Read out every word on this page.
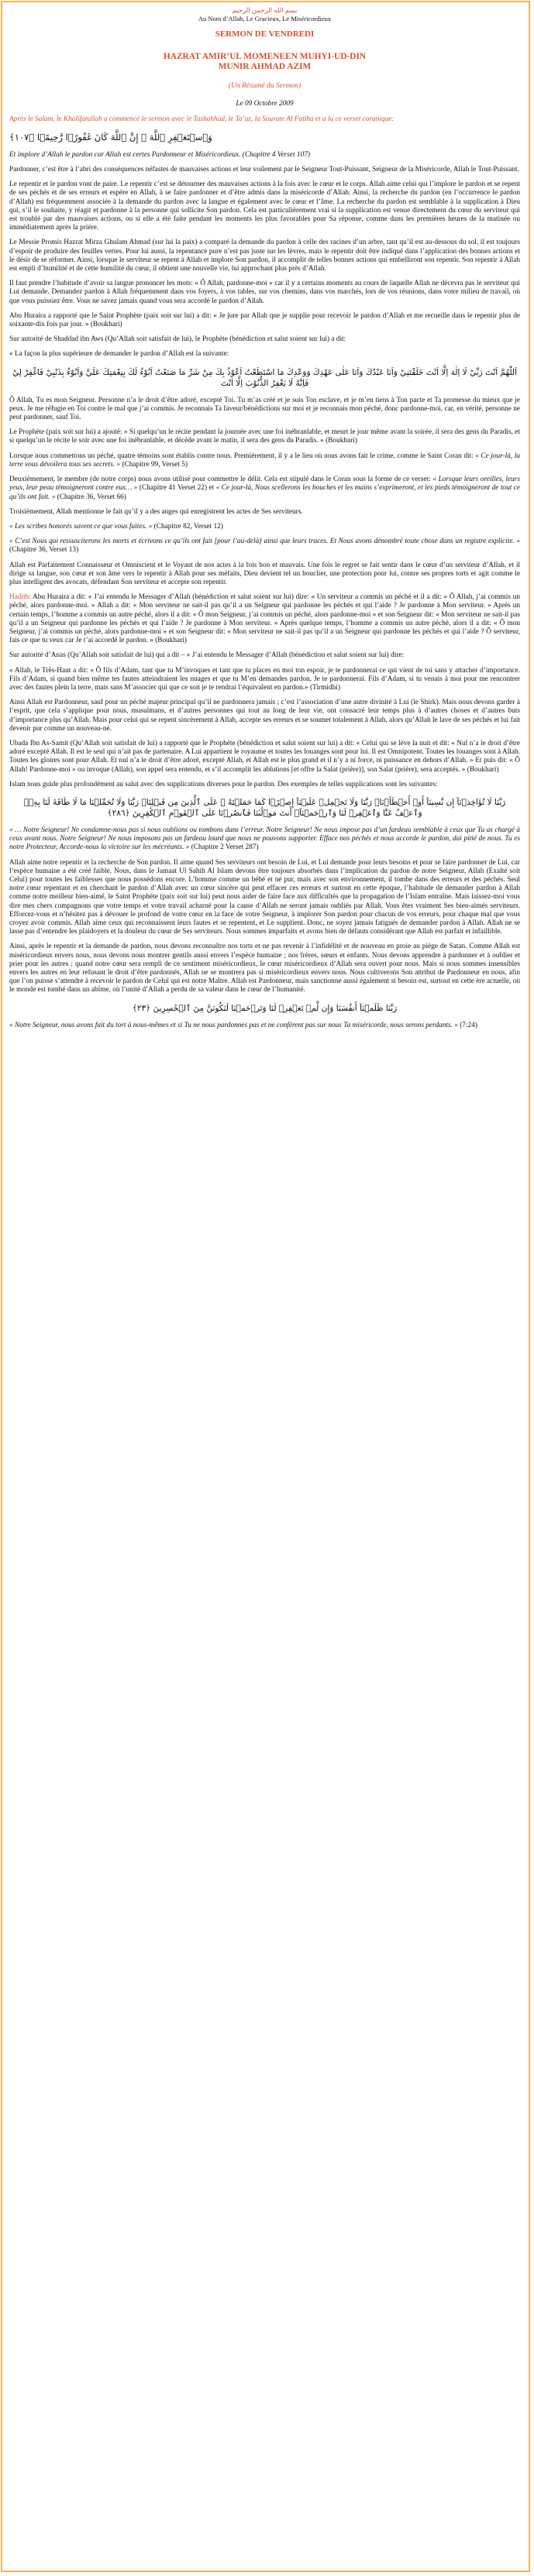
بسم الله الرحمن الرحيم
Au Nom d’Allah, Le Gracieux, Le Miséricordieux
SERMON DE VENDREDI
HAZRAT AMIR’UL MOMENEEN MUHYI-UD-DIN
MUNIR AHMAD AZIM
(Un Résumé du Sermon)
Le 09 Octobre 2009
Après le Salam, le Khalifatullah a commencé le sermon avec le Tashahhud, le Ta’uz, la Sourate Al Fatiha et a lu ce verset coranique:
وَٱسۡتَغۡفِرِ ٱللَّهَ ۖ إِنَّ ٱللَّهَ كَانَ غَفُورً۬ا رَّحِيمً۬ا ﴿١٠٧﴾

Et implore d’Allah le pardon car Allah est certes Pardonneur et Miséricordieux. (Chapitre 4 Verset 107)

Pardonner, c’est être à l’abri des conséquences néfastes de mauvaises actions et leur voilement par le Seigneur Tout-Puissant, Seigneur de la Miséricorde, Allah le Tout-Puissant.

Le repentir et le pardon vont de paire. Le repentir c’est se détourner des mauvaises actions à la fois avec le cœur et le corps. Allah aime celui qui l’implore le pardon et se repent de ses péchés et de ses erreurs et espère en Allah, à se faire pardonner et d’être admis dans la miséricorde d’Allah. Ainsi, la recherche du pardon (en l’occurrence le pardon d’Allah) est fréquemment associée à la demande du pardon avec la langue et également avec le cœur et l’âme. La recherche du pardon est semblable à la supplication à Dieu qui, s’il le souhaite, y réagit et pardonne à la personne qui sollicite Son pardon. Cela est particulièrement vrai si la supplication est venue directement du cœur du serviteur qui est troublé par des mauvaises actions, ou si elle a été faite pendant les moments les plus favorables pour Sa réponse, comme dans les premières heures de la matinée ou immédiatement après la prière.

Le Messie Promis Hazrat Mirza Ghulam Ahmad (sur lui la paix) a comparé la demande du pardon à celle des racines d’un arbre, tant qu’il est au-dessous du sol, il est toujours d’espoir de produire des feuilles vertes. Pour lui aussi, la repentance pure n’est pas juste sur les lèvres, mais le repentir doit être indiqué dans l’application des bonnes actions et le désir de se réformer. Ainsi, lorsque le serviteur se repent à Allah et implore Son pardon, il accomplit de telles bonnes actions qui embelliront son repentir. Son repentir à Allah est empli d’humilité et de cette humilité du cœur, il obtient une nouvelle vie, lui approchant plus près d’Allah.

Il faut prendre l’habitude d’avoir sa langue prononcer les mots: « Ô Allah, pardonne-moi » car il y a certains moments au cours de laquelle Allah ne décevra pas le serviteur qui Lui demande. Demandez pardon à Allah fréquemment dans vos foyers, à vos tables, sur vos chemins, dans vos marchés, lors de vos réunions, dans votre milieu de travail, où que vous puissiez être. Vous ne savez jamais quand vous sera accordé le pardon d’Allah.

Abu Huraira a rapporté que le Saint Prophète (paix soit sur lui) a dit: « Je jure par Allah que je supplie pour recevoir le pardon d’Allah et me recueille dans le repentir plus de soixante-dix fois par jour. » (Boukhari)

Sur autorité de Shaddad ibn Aws (Qu’Allah soit satisfait de lui), le Prophète (bénédiction et salut soient sur lui) a dit:

« La façon la plus supérieure de demander le pardon d’Allah est la suivante:

اَللّٰهُمَّ اَنْتَ رَبِّيْ لَا اِلٰهَ اِلَّا اَنْتَ خَلَقْتَنِيْ وَاَنَا عَبْدُكَ وَاَنَا عَلٰى عَهْدِكَ وَوَعْدِكَ مَا اسْتَطَعْتُ اَعُوْذُ بِكَ مِنْ شَرِّ مَا صَنَعْتُ اَبُوْءُ لَكَ بِنِعْمَتِكَ عَلَيَّ وَاَبُوْءُ بِذَنْبِيْ فَاغْفِرْ لِيْ فَاِنَّهُ لَا يَغْفِرُ الذُّنُوْبَ اِلَّا اَنْتَ

Ô Allah, Tu es mon Seigneur. Personne n’a le droit d’être adoré, excepté Toi. Tu m’as créé et je suis Ton esclave, et je m’en tiens à Ton pacte et Ta promesse du mieux que je peux. Je me réfugie en Toi contre le mal que j’ai commis. Je reconnais Ta faveur/bénédictions sur moi et je reconnais mon péché, donc pardonne-moi, car, en vérité, personne ne peut pardonner, sauf Toi.

Le Prophète (paix soit sur lui) a ajouté: « Si quelqu’un le récite pendant la journée avec une foi inébranlable, et meurt le jour même avant la soirée, il sera des gens du Paradis, et si quelqu’un le récite le soir avec une foi inébranlable, et décède avant le matin, il sera des gens du Paradis. » (Boukhari)

Lorsque nous commettons un péché, quatre témoins sont établis contre nous. Premièrement, il y a le lieu où nous avons fait le crime, comme le Saint Coran dit: « Ce jour-là, la terre vous dévoilera tous ses secrets. » (Chapitre 99, Verset 5)

Deuxièmement, le membre (de notre corps) nous avons utilisé pour commettre le délit. Cela est stipulé dans le Coran sous la forme de ce verset: « Lorsque leurs oreilles, leurs yeux, leur peau témoigneront contre eux… » (Chapitre 41 Verset 22) et « Ce jour-là, Nous scellerons les bouches et les mains s’exprimeront, et les pieds témoigneront de tout ce qu’ils ont fait. » (Chapitre 36, Verset 66)

Troisièmement, Allah mentionne le fait qu’il y a des anges qui enregistrent les actes de Ses serviteurs.

« Les scribes honorés savent ce que vous faites. » (Chapitre 82, Verset 12)

« C’est Nous qui ressusciterons les morts et écrivons ce qu’ils ont fait [pour l’au-delà] ainsi que leurs traces. Et Nous avons dénombré toute chose dans un registre explicite. » (Chapitre 36, Verset 13)

Allah est Parfaitement Connaisseur et Omniscient et le Voyant de nos actes à la fois bon et mauvais. Une fois le regret se fait sentir dans le cœur d’un serviteur d’Allah, et il dirige sa langue, son cœur et son âme vers le repentir à Allah pour ses méfaits, Dieu devient tel un bouclier, une protection pour lui, contre ses propres torts et agit comme le plus intelligent des avocats, défendant Son serviteur et accepte son repentir.

Hadith: Abu Huraira a dit: « J’ai entendu le Messager d’Allah (bénédiction et salut soient sur lui) dire: « Un serviteur a commis un péché et il a dit: « Ô Allah, j’ai commis un péché, alors pardonne-moi. » Allah a dit: « Mon serviteur ne sait-il pas qu’il a un Seigneur qui pardonne les péchés et qui l’aide ? Je pardonne à Mon serviteur. » Après un certain temps, l’homme a commis un autre péché, alors il a dit: « Ô mon Seigneur, j’ai commis un péché, alors pardonne-moi » et son Seigneur dit: « Mon serviteur ne sait-il pas qu’il a un Seigneur qui pardonne les péchés et qui l’aide ? Je pardonne à Mon serviteur. » Après quelque temps, l’homme a commis un autre péché, alors il a dit: « Ô mon Seigneur, j’ai commis un péché, alors pardonne-moi » et son Seigneur dit: « Mon serviteur ne sait-il pas qu’il a un Seigneur qui pardonne les péchés et qui l’aide ? Ô serviteur, fais ce que tu veux car Je t’ai accordé le pardon. » (Boukhari)

Sur autorité d’Anas (Qu’Allah soit satisfait de lui) qui a dit – « J’ai entendu le Messager d’Allah (bénédiction et salut soient sur lui) dire:

« Allah, le Très-Haut a dit: « Ô fils d’Adam, tant que tu M’invoques et tant que tu places en moi ton espoir, je te pardonnerai ce qui vient de toi sans y attacher d’importance. Fils d’Adam, si quand bien même tes fautes atteindraient les nuages et que tu M’en demandes pardon, Je te pardonnerai. Fils d’Adam, si tu venais à moi pour me rencontrer avec des fautes plein la terre, mais sans M’associer qui que ce soit je te rendrai l’équivalent en pardon.» (Tirmidhi)

Ainsi Allah est Pardonneur, sauf pour un péché majeur principal qu’il ne pardonnera jamais ; c’est l’association d’une autre divinité à Lui (le Shirk). Mais nous devons garder à l’esprit, que cela s’applique pour nous, musulmans, et d’autres personnes qui tout au long de leur vie, ont consacré leur temps plus à d’autres choses et d’autres buts d’importance plus qu’Allah. Mais pour celui qui se repent sincèrement à Allah, accepte ses erreurs et se soumet totalement à Allah, alors qu’Allah le lave de ses péchés et lui fait devenir pur comme un nouveau-né.

Ubada Ibn As-Samit (Qu’Allah soit satisfait de lui) a rapporté que le Prophète (bénédiction et salut soient sur lui) a dit: « Celui qui se lève la nuit et dit: « Nul n’a le droit d’être adoré excepté Allah. Il est le seul qui n’ait pas de partenaire. A Lui appartient le royaume et toutes les louanges sont pour lui. Il est Omnipotent. Toutes les louanges sont à Allah. Toutes les gloires sont pour Allah. Et nul n’a le droit d’être adoré, excepté Allah, et Allah est le plus grand et il n’y a ni force, ni puissance en dehors d’Allah. » Et puis dit: « Ô Allah! Pardonne-moi » ou invoque (Allah), son appel sera entendu, et s’il accomplit les ablutions [et offre la Salat (prière)], son Salat (prière), sera acceptés. » (Boukhari)

Islam nous guide plus profondément au salut avec des supplications diverses pour le pardon. Des exemples de telles supplications sont les suivantes:

رَبَّنَا لَا تُؤَاخِذۡنَآ إِن نَّسِينَآ أَوۡ أَخۡطَأۡنَا‌ۚ رَبَّنَا وَلَا تَحۡمِلۡ عَلَيۡنَآ إِصۡرً۬ا كَمَا حَمَلۡتَهُ ۥ عَلَى ٱلَّذِينَ مِن قَبۡلِنَا‌ۚ رَبَّنَا وَلَا تُحَمِّلۡنَا مَا لَا طَاقَةَ لَنَا بِهِۦ‌ۖ وَٱعۡفُ عَنَّا وَٱغۡفِرۡ لَنَا وَٱرۡحَمۡنَآ‌ۚ أَنتَ مَوۡلَٰٮٰنَا فَٱنصُرۡنَا عَلَى ٱلۡقَوۡمِ ٱلۡكَٰفِرِينَ ﴿٢٨٦﴾

« … Notre Seigneur! Ne condamne-nous pas si nous oublions ou tombons dans l’erreur. Notre Seigneur! Ne nous impose pas d’un fardeau semblable à ceux que Tu as chargé à ceux avant nous. Notre Seigneur! Ne nous imposons pas un fardeau lourd que nous ne pouvons supporter. Efface nos péchés et nous accorde le pardon, dai pitié de nous. Tu es notre Protecteur, Accorde-nous la victoire sur les mécréants. » (Chapitre 2 Verset 287)

Allah aime notre repentir et la recherche de Son pardon. Il aime quand Ses serviteurs ont besoin de Lui, et Lui demande pour leurs besoins et pour se faire pardonner de Lui, car l’espèce humaine a été créé faible. Nous, dans le Jamaat Ul Sahih Al Islam devons être toujours absorbés dans l’implication du pardon de notre Seigneur, Allah (Exalté soit Celui) pour toutes les faiblesses que nous possédons encore. L’homme comme un bébé et né pur, mais avec son environnement, il tombe dans des erreurs et des péchés. Seul notre cœur repentant et en cherchant le pardon d’Allah avec un cœur sincère qui peut effacer ces erreurs et surtout en cette époque, l’habitude de demander pardon à Allah comme notre meilleur bien-aimé, le Saint Prophète (paix soit sur lui) peut nous aider de faire face aux difficultés que la propagation de l’Islam entraîne. Mais laissez-moi vous dire mes chers compagnons que votre temps et votre travail acharné pour la cause d’Allah ne seront jamais oubliés par Allah. Vous êtes vraiment Ses bien-aimés serviteurs. Efforcez-vous et n’hésitez pas à dévouer le profond de votre cœur en la face de votre Seigneur, à implorer Son pardon pour chacun de vos erreurs, pour chaque mal que vous croyez avoir commis. Allah aime ceux qui reconnaissent leurs fautes et se repentent, et Le supplient. Donc, ne soyez jamais fatigués de demander pardon à Allah. Allah ne se lasse pas d’entendre les plaidoyers et la douleur du cœur de Ses serviteurs. Nous sommes imparfaits et avons bien de défauts considérant que Allah est parfait et infaillible.

Ainsi, après le repentir et la demande de pardon, nous devons reconnaître nos torts et ne pas revenir à l’infidélité et de nouveau en proie au piège de Satan. Comme Allah est miséricordieux envers nous, nous devons nous montrer gentils aussi envers l’espèce humaine ; nos frères, sœurs et enfants. Nous devons apprendre à pardonner et à oublier et prier pour les autres ; quand notre cœur sera rempli de ce sentiment miséricordieux, le cœur miséricordieux d’Allah sera ouvert pour nous. Mais si nous sommes insensibles envers les autres en leur refusant le droit d’être pardonnés, Allah ne se montrera pas si miséricordieux envers nous. Nous cultiverons Son attribut de Pardonneur en nous, afin que l’on puisse s’attendre à recevoir le pardon de Celui qui est notre Maître. Allah est Pardonneur, mais sanctionne aussi également si besoin est, surtout en cette ère actuelle, où le monde est tombé dans un abîme, où l’unité d’Allah a perdu de sa valeur dans le cœur de l’humanité.

رَبَّنَا ظَلَمۡنَآ أَنفُسَنَا وَإِن لَّمۡ تَغۡفِرۡ لَنَا وَتَرۡحَمۡنَا لَنَكُونَنَّ مِنَ ٱلۡخَٰسِرِينَ ﴿٢٣﴾

« Notre Seigneur, nous avons fait du tort à nous-mêmes et si Tu ne nous pardonnes pas et ne confèrent pas sur nous Ta miséricorde, nous serons perdants. » (7:24)
